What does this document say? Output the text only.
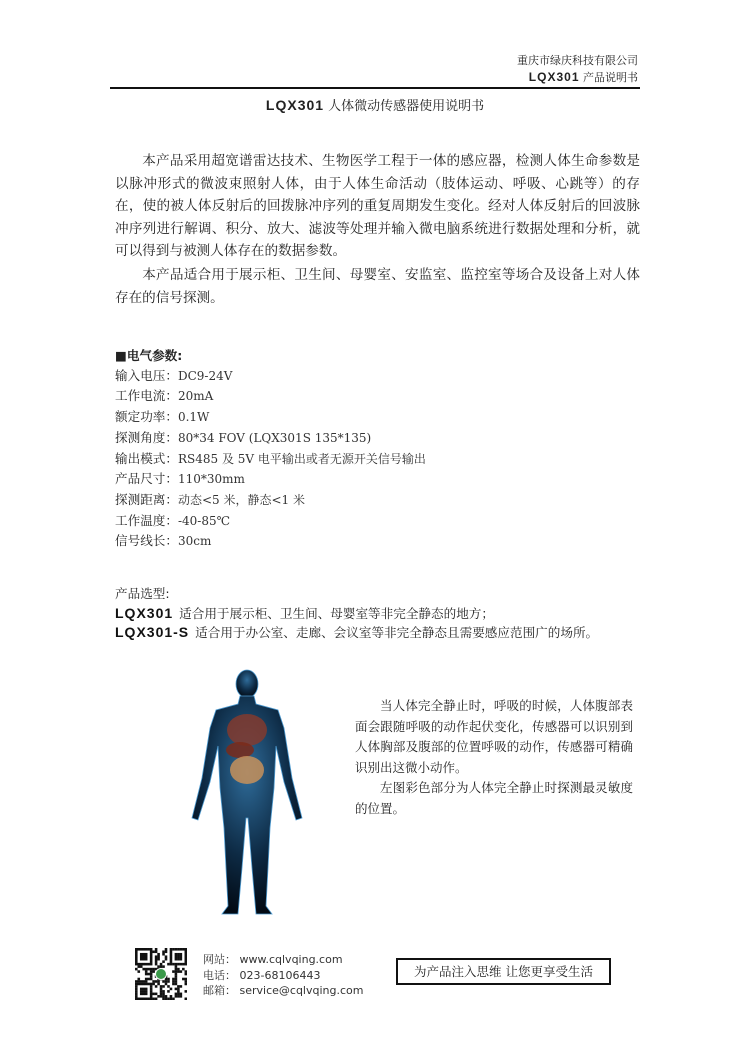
重庆市绿庆科技有限公司
LQX301 产品说明书
LQX301 人体微动传感器使用说明书

本产品采用超宽谱雷达技术、生物医学工程于一体的感应器，检测人体生命参数是以脉冲形式的微波束照射人体，由于人体生命活动（肢体运动、呼吸、心跳等）的存在，使的被人体反射后的回拨脉冲序列的重复周期发生变化。经对人体反射后的回波脉冲序列进行解调、积分、放大、滤波等处理并输入微电脑系统进行数据处理和分析，就可以得到与被测人体存在的数据参数。

本产品适合用于展示柜、卫生间、母婴室、安监室、监控室等场合及设备上对人体存在的信号探测。

■电气参数:
输入电压：DC9-24V
工作电流：20mA
额定功率：0.1W
探测角度：80*34 FOV (LQX301S 135*135)
输出模式：RS485 及 5V 电平输出或者无源开关信号输出
产品尺寸：110*30mm
探测距离：动态<5 米，静态<1 米
工作温度：-40-85℃
信号线长：30cm
产品选型:
LQX301 适合用于展示柜、卫生间、母婴室等非完全静态的地方；
LQX301-S 适合用于办公室、走廊、会议室等非完全静态且需要感应范围广的场所。

当人体完全静止时，呼吸的时候，人体腹部表面会跟随呼吸的动作起伏变化，传感器可以识别到人体胸部及腹部的位置呼吸的动作，传感器可精确识别出这微小动作。

左图彩色部分为人体完全静止时探测最灵敏度的位置。

网站： www.cqlvqing.com
电话： 023-68106443
邮箱： service@cqlvqing.com
为产品注入思维 让您更享受生活
